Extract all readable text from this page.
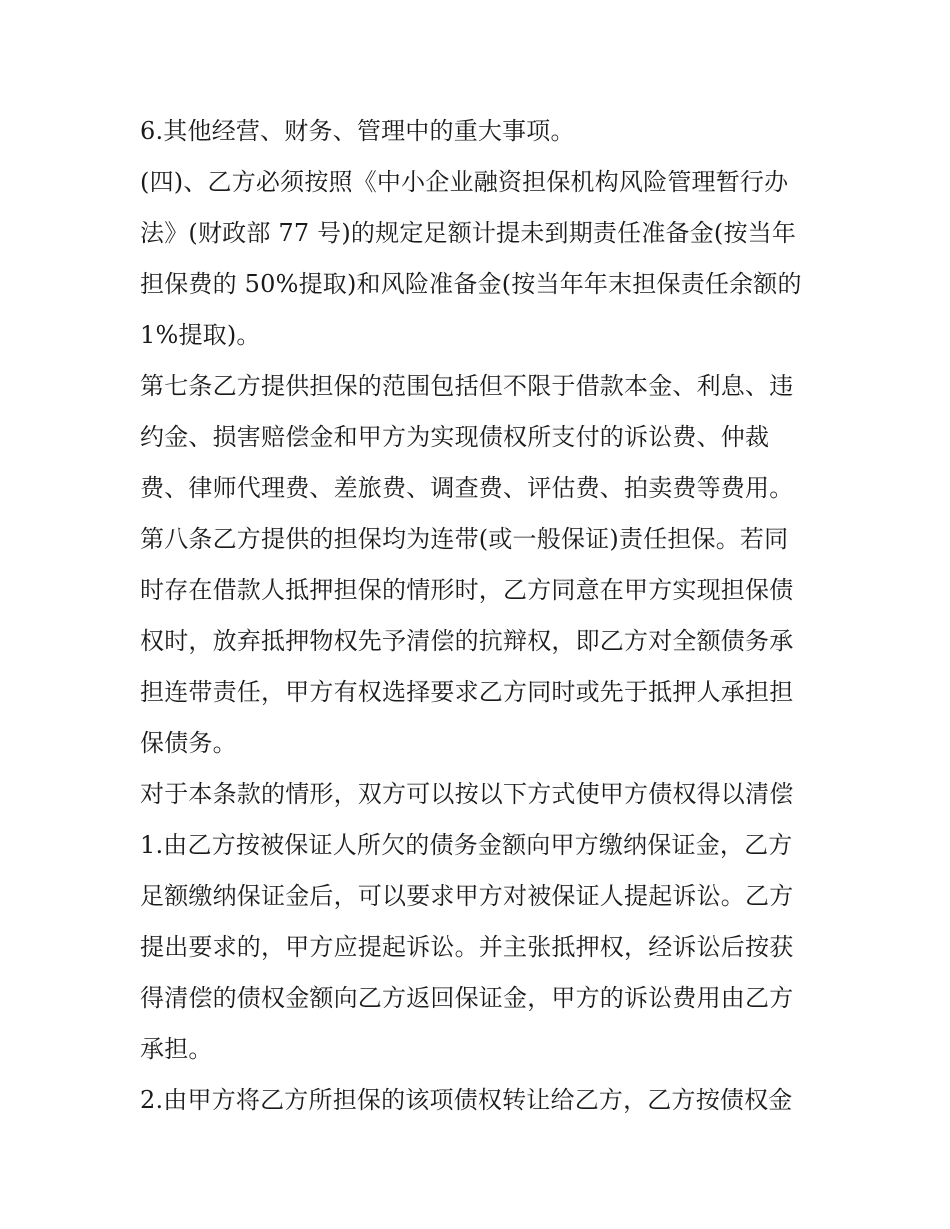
6.其他经营、财务、管理中的重大事项。
(四)、乙方必须按照《中小企业融资担保机构风险管理暂行办
法》(财政部 77 号)的规定足额计提未到期责任准备金(按当年
担保费的 50%提取)和风险准备金(按当年年末担保责任余额的
1%提取)。
第七条乙方提供担保的范围包括但不限于借款本金、利息、违
约金、损害赔偿金和甲方为实现债权所支付的诉讼费、仲裁
费、律师代理费、差旅费、调查费、评估费、拍卖费等费用。
第八条乙方提供的担保均为连带(或一般保证)责任担保。若同
时存在借款人抵押担保的情形时，乙方同意在甲方实现担保债
权时，放弃抵押物权先予清偿的抗辩权，即乙方对全额债务承
担连带责任，甲方有权选择要求乙方同时或先于抵押人承担担
保债务。
对于本条款的情形，双方可以按以下方式使甲方债权得以清偿
1.由乙方按被保证人所欠的债务金额向甲方缴纳保证金，乙方
足额缴纳保证金后，可以要求甲方对被保证人提起诉讼。乙方
提出要求的，甲方应提起诉讼。并主张抵押权，经诉讼后按获
得清偿的债权金额向乙方返回保证金，甲方的诉讼费用由乙方
承担。
2.由甲方将乙方所担保的该项债权转让给乙方，乙方按债权金
